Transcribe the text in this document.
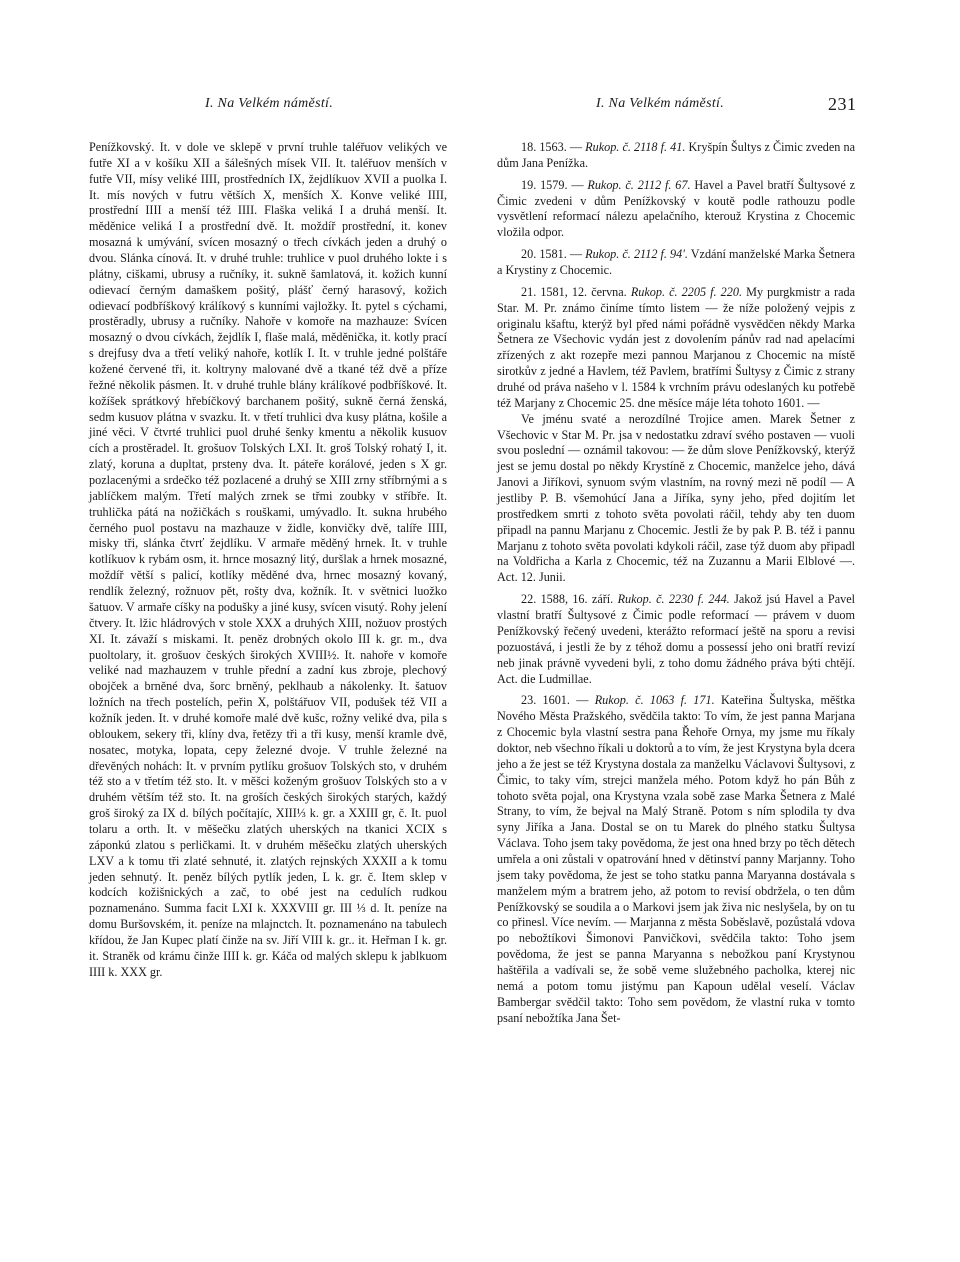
I. Na Velkém náměstí.	I. Na Velkém náměstí.	231

Penížkovský. It. v dole ve sklepě v první truhle taléřuov velikých ve futře XI a v košíku XII a šálešných mísek VII. It. taléřuov menších v futře VII, mísy veliké IIII, prostředních IX, žejdlíkuov XVII a puolka I. It. mís nových v futru větších X, menších X. Konve veliké IIII, prostřední IIII a menší též IIII. Flaška veliká I a druhá menší. It. měděnice veliká I a prostřední dvě. It. moždíř prostřední, it. konev mosazná k umývání, svícen mosazný o třech cívkách jeden a druhý o dvou. Slánka cínová. It. v druhé truhle: truhlice v puol druhého lokte i s plátny, ciškami, ubrusy a ručníky, it. sukně šamlatová, it. kožich kunní odievací černým damaškem pošitý, plášť černý harasový, kožich odievací podbříškový králíkový s kunními vajložky. It. pytel s cýchami, prostěradly, ubrusy a ručníky. Nahoře v komoře na mazhauze: Svícen mosazný o dvou cívkách, žejdlík I, flaše malá, měděnička, it. kotly prací s drejfusy dva a třetí veliký nahoře, kotlík I. It. v truhle jedné polštáře kožené červené tři, it. koltryny malované dvě a tkané též dvě a příze řežné několik pásmen. It. v druhé truhle blány králíkové podbříškové. It. kožíšek sprátkový hřebíčkový barchanem pošitý, sukně černá ženská, sedm kusuov plátna v svazku. It. v třetí truhlici dva kusy plátna, košile a jiné věci. V čtvrté truhlici puol druhé šenky kmentu a několik kusuov cích a prostěradel. It. grošuov Tolských LXI. It. groš Tolský rohatý I, it. zlatý, koruna a dupltat, prsteny dva. It. páteře korálové, jeden s X gr. pozlacenými a srdečko též pozlacené a druhý se XIII zrny stříbrnými a s jablíčkem malým. Třetí malých zrnek se třmi zoubky v stříbře. It. truhlička pátá na nožičkách s rouškami, umývadlo. It. sukna hrubého černého puol postavu na mazhauze v židle, konvičky dvě, talíře IIII, misky tři, slánka čtvrť žejdlíku. V armaře měděný hrnek. It. v truhle kotlíkuov k rybám osm, it. hrnce mosazný litý, duršlak a hrnek mosazné, moždíř větší s palicí, kotlíky měděné dva, hrnec mosazný kovaný, rendlík železný, rožnuov pět, rošty dva, kožník. It. v světnici luožko šatuov. V armaře cíšky na podušky a jiné kusy, svícen visutý. Rohy jelení čtvery. It. lžic hládrových v stole XXX a druhých XIII, nožuov prostých XI. It. závaží s miskami. It. peněz drobných okolo III k. gr. m., dva puoltolary, it. grošuov českých širokých XVIII½. It. nahoře v komoře veliké nad mazhauzem v truhle přední a zadní kus zbroje, plechový obojček a brněné dva, šorc brněný, peklhaub a nákolenky. It. šatuov ložních na třech postelích, peřin X, polštářuov VII, podušek též VII a kožník jeden. It. v druhé komoře malé dvě kušc, rožny veliké dva, pila s obloukem, sekery tři, klíny dva, řetězy tři a tři kusy, menší kramle dvě, nosatec, motyka, lopata, cepy železné dvoje. V truhle železné na dřevěných nohách: It. v prvním pytlíku grošuov Tolských sto, v druhém též sto a v třetím též sto. It. v měšci koženým grošuov Tolských sto a v druhém větším též sto. It. na groších českých širokých starých, každý groš široký za IX d. bílých počítajíc, XIII⅓ k. gr. a XXIII gr, č. It. puol tolaru a orth. It. v měšečku zlatých uherských na tkanici XCIX s záponkú zlatou s perličkami. It. v druhém měšečku zlatých uherských LXV a k tomu tři zlaté sehnuté, it. zlatých rejnských XXXII a k tomu jeden sehnutý. It. peněz bílých pytlík jeden, L k. gr. č. Item sklep v kodcích kožišnických a zač, to obé jest na cedulích rudkou poznamenáno. Summa facit LXI k. XXXVIII gr. III ⅓ d. It. peníze na domu Buršovském, it. peníze na mlajnctch. It. poznamenáno na tabulech křídou, že Jan Kupec platí činže na sv. Jiří VIII k. gr.. it. Heřman I k. gr. it. Straněk od krámu činže IIII k. gr. Káča od malých sklepu k jablkuom IIII k. XXX gr.

18. 1563. — Rukop. č. 2118 f. 41. Kryšpín Šultys z Čimic zveden na dům Jana Penížka.

19. 1579. — Rukop. č. 2112 f. 67. Havel a Pavel bratří Šultysové z Čimic zvedeni v dům Penížkovský v koutě podle rathouzu podle vysvětlení reformací nálezu apelačního, kterouž Krystina z Chocemic vložila odpor.

20. 1581. — Rukop. č. 2112 f. 94'. Vzdání manželské Marka Šetnera a Krystiny z Chocemic.

21. 1581, 12. června. Rukop. č. 2205 f. 220. My purgkmistr a rada Star. M. Pr. známo činíme tímto listem — že níže položený vejpis z originalu kšaftu, kterýž byl před námi pořádně vysvědčen někdy Marka Šetnera ze Všechovic vydán jest z dovolením pánův rad nad apelacími zřízených z akt rozepře mezi pannou Marjanou z Chocemic na místě sirotkův z jedné a Havlem, též Pavlem, bratřími Šultysy z Čimic z strany druhé od práva našeho v l. 1584 k vrchním právu odeslaných ku potřebě též Marjany z Chocemic 25. dne měsíce máje léta tohoto 1601. —

Ve jménu svaté a nerozdílné Trojice amen. Marek Šetner z Všechovic v Star M. Pr. jsa v nedostatku zdraví svého postaven — vuoli svou poslední — oznámil takovou: — že dům slove Penížkovský, kterýž jest se jemu dostal po někdy Krystíně z Chocemic, manželce jeho, dává Janovi a Jiříkovi, synuom svým vlastním, na rovný mezi ně podíl — A jestliby P. B. všemohúcí Jana a Jiříka, syny jeho, před dojitím let prostředkem smrti z tohoto světa povolati ráčil, tehdy aby ten duom připadl na pannu Marjanu z Chocemic. Jestli že by pak P. B. též i pannu Marjanu z tohoto světa povolati kdykoli ráčil, zase týž duom aby připadl na Voldřicha a Karla z Chocemic, též na Zuzannu a Marii Elblové —. Act. 12. Junii.

22. 1588, 16. září. Rukop. č. 2230 f. 244. Jakož jsú Havel a Pavel vlastní bratří Šultysové z Čimic podle reformací — právem v duom Penížkovský řečený uvedeni, kterážto reformací ještě na sporu a revisi pozuostává, i jestli že by z téhož domu a possessí jeho oni bratří revizí neb jinak právně vyvedeni byli, z toho domu žádného práva býti chtějí. Act. die Ludmillae.

23. 1601. — Rukop. č. 1063 f. 171. Kateřina Šultyska, měštka Nového Města Pražského, svědčila takto: To vím, že jest panna Marjana z Chocemic byla vlastní sestra pana Řehoře Ornya, my jsme mu říkaly doktor, neb všechno říkali u doktorů a to vím, že jest Krystyna byla dcera jeho a že jest se též Krystyna dostala za manželku Václavovi Šultysovi, z Čimic, to taky vím, strejci manžela mého. Potom když ho pán Bůh z tohoto světa pojal, ona Krystyna vzala sobě zase Marka Šetnera z Malé Strany, to vím, že bejval na Malý Straně. Potom s ním splodila ty dva syny Jiříka a Jana. Dostal se on tu Marek do plného statku Šultysa Václava. Toho jsem taky povědoma, že jest ona hned brzy po těch dětech umřela a oni zůstali v opatrování hned v dětinství panny Marjanny. Toho jsem taky povědoma, že jest se toho statku panna Maryanna dostávala s manželem mým a bratrem jeho, až potom to revisí obdržela, o ten dům Penížkovský se soudila a o Markovi jsem jak živa nic neslyšela, by on tu co přinesl. Více nevím. — Marjanna z města Soběslavě, pozůstalá vdova po nebožtíkovi Šimonovi Panvičkovi, svědčila takto: Toho jsem povědoma, že jest se panna Maryanna s nebožkou paní Krystynou haštěřila a vadívali se, že sobě veme služebného pacholka, kterej nic nemá a potom tomu jistýmu pan Kapoun udělal veselí. Václav Bambergar svědčil takto: Toho sem povědom, že vlastní ruka v tomto psaní nebožtíka Jana Šet-
